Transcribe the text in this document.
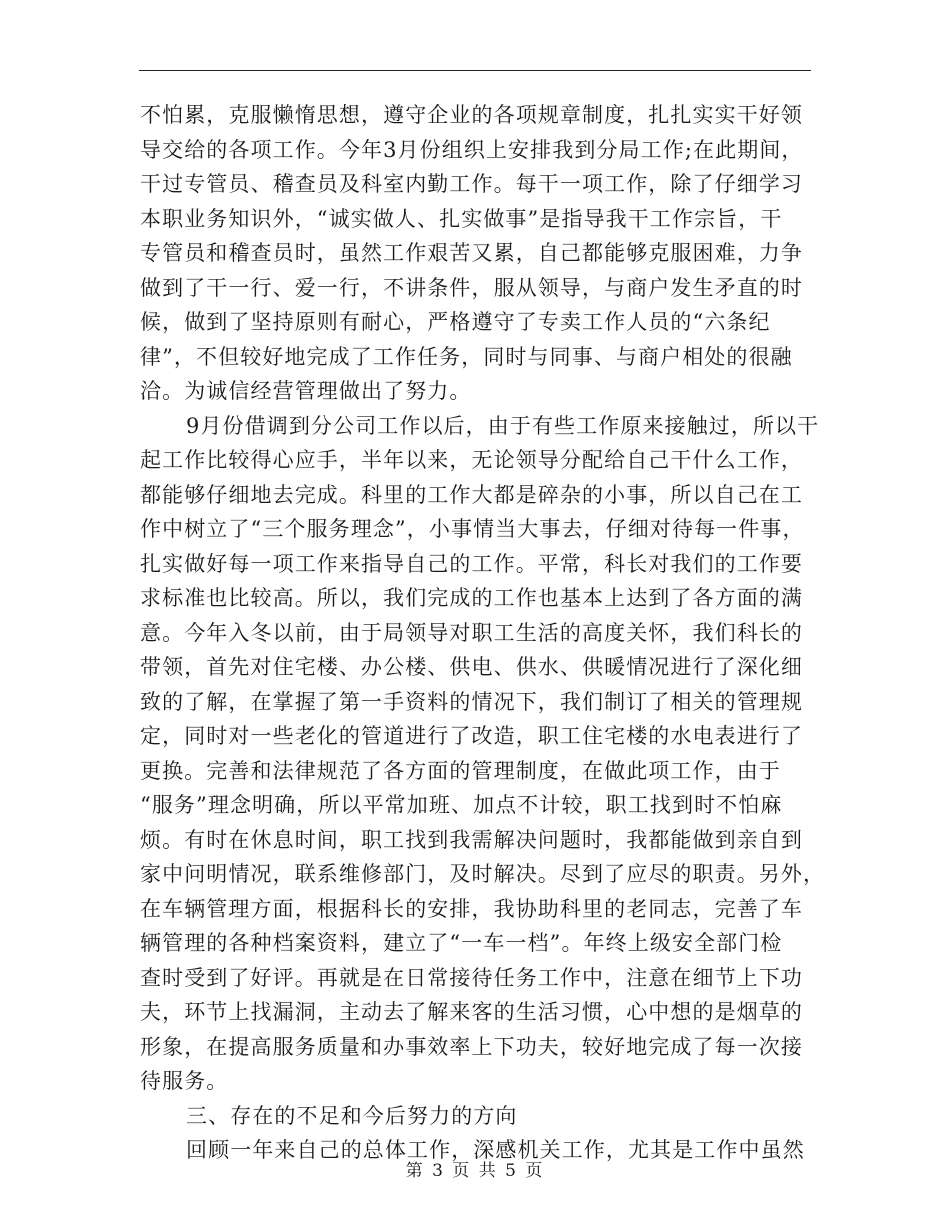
不怕累，克服懒惰思想，遵守企业的各项规章制度，扎扎实实干好领
导交给的各项工作。今年3月份组织上安排我到分局工作;在此期间，
干过专管员、稽查员及科室内勤工作。每干一项工作，除了仔细学习
本职业务知识外，“诚实做人、扎实做事”是指导我干工作宗旨，干
专管员和稽查员时，虽然工作艰苦又累，自己都能够克服困难，力争
做到了干一行、爱一行，不讲条件，服从领导，与商户发生矛直的时
候，做到了坚持原则有耐心，严格遵守了专卖工作人员的“六条纪
律”，不但较好地完成了工作任务，同时与同事、与商户相处的很融
洽。为诚信经营管理做出了努力。
9月份借调到分公司工作以后，由于有些工作原来接触过，所以干
起工作比较得心应手，半年以来，无论领导分配给自己干什么工作，
都能够仔细地去完成。科里的工作大都是碎杂的小事，所以自己在工
作中树立了“三个服务理念”，小事情当大事去，仔细对待每一件事，
扎实做好每一项工作来指导自己的工作。平常，科长对我们的工作要
求标准也比较高。所以，我们完成的工作也基本上达到了各方面的满
意。今年入冬以前，由于局领导对职工生活的高度关怀，我们科长的
带领，首先对住宅楼、办公楼、供电、供水、供暖情况进行了深化细
致的了解，在掌握了第一手资料的情况下，我们制订了相关的管理规
定，同时对一些老化的管道进行了改造，职工住宅楼的水电表进行了
更换。完善和法律规范了各方面的管理制度，在做此项工作，由于
“服务”理念明确，所以平常加班、加点不计较，职工找到时不怕麻
烦。有时在休息时间，职工找到我需解决问题时，我都能做到亲自到
家中问明情况，联系维修部门，及时解决。尽到了应尽的职责。另外，
在车辆管理方面，根据科长的安排，我协助科里的老同志，完善了车
辆管理的各种档案资料，建立了“一车一档”。年终上级安全部门检
查时受到了好评。再就是在日常接待任务工作中，注意在细节上下功
夫，环节上找漏洞，主动去了解来客的生活习惯，心中想的是烟草的
形象，在提高服务质量和办事效率上下功夫，较好地完成了每一次接
待服务。
三、存在的不足和今后努力的方向
回顾一年来自己的总体工作，深感机关工作，尤其是工作中虽然
第 3 页 共 5 页
